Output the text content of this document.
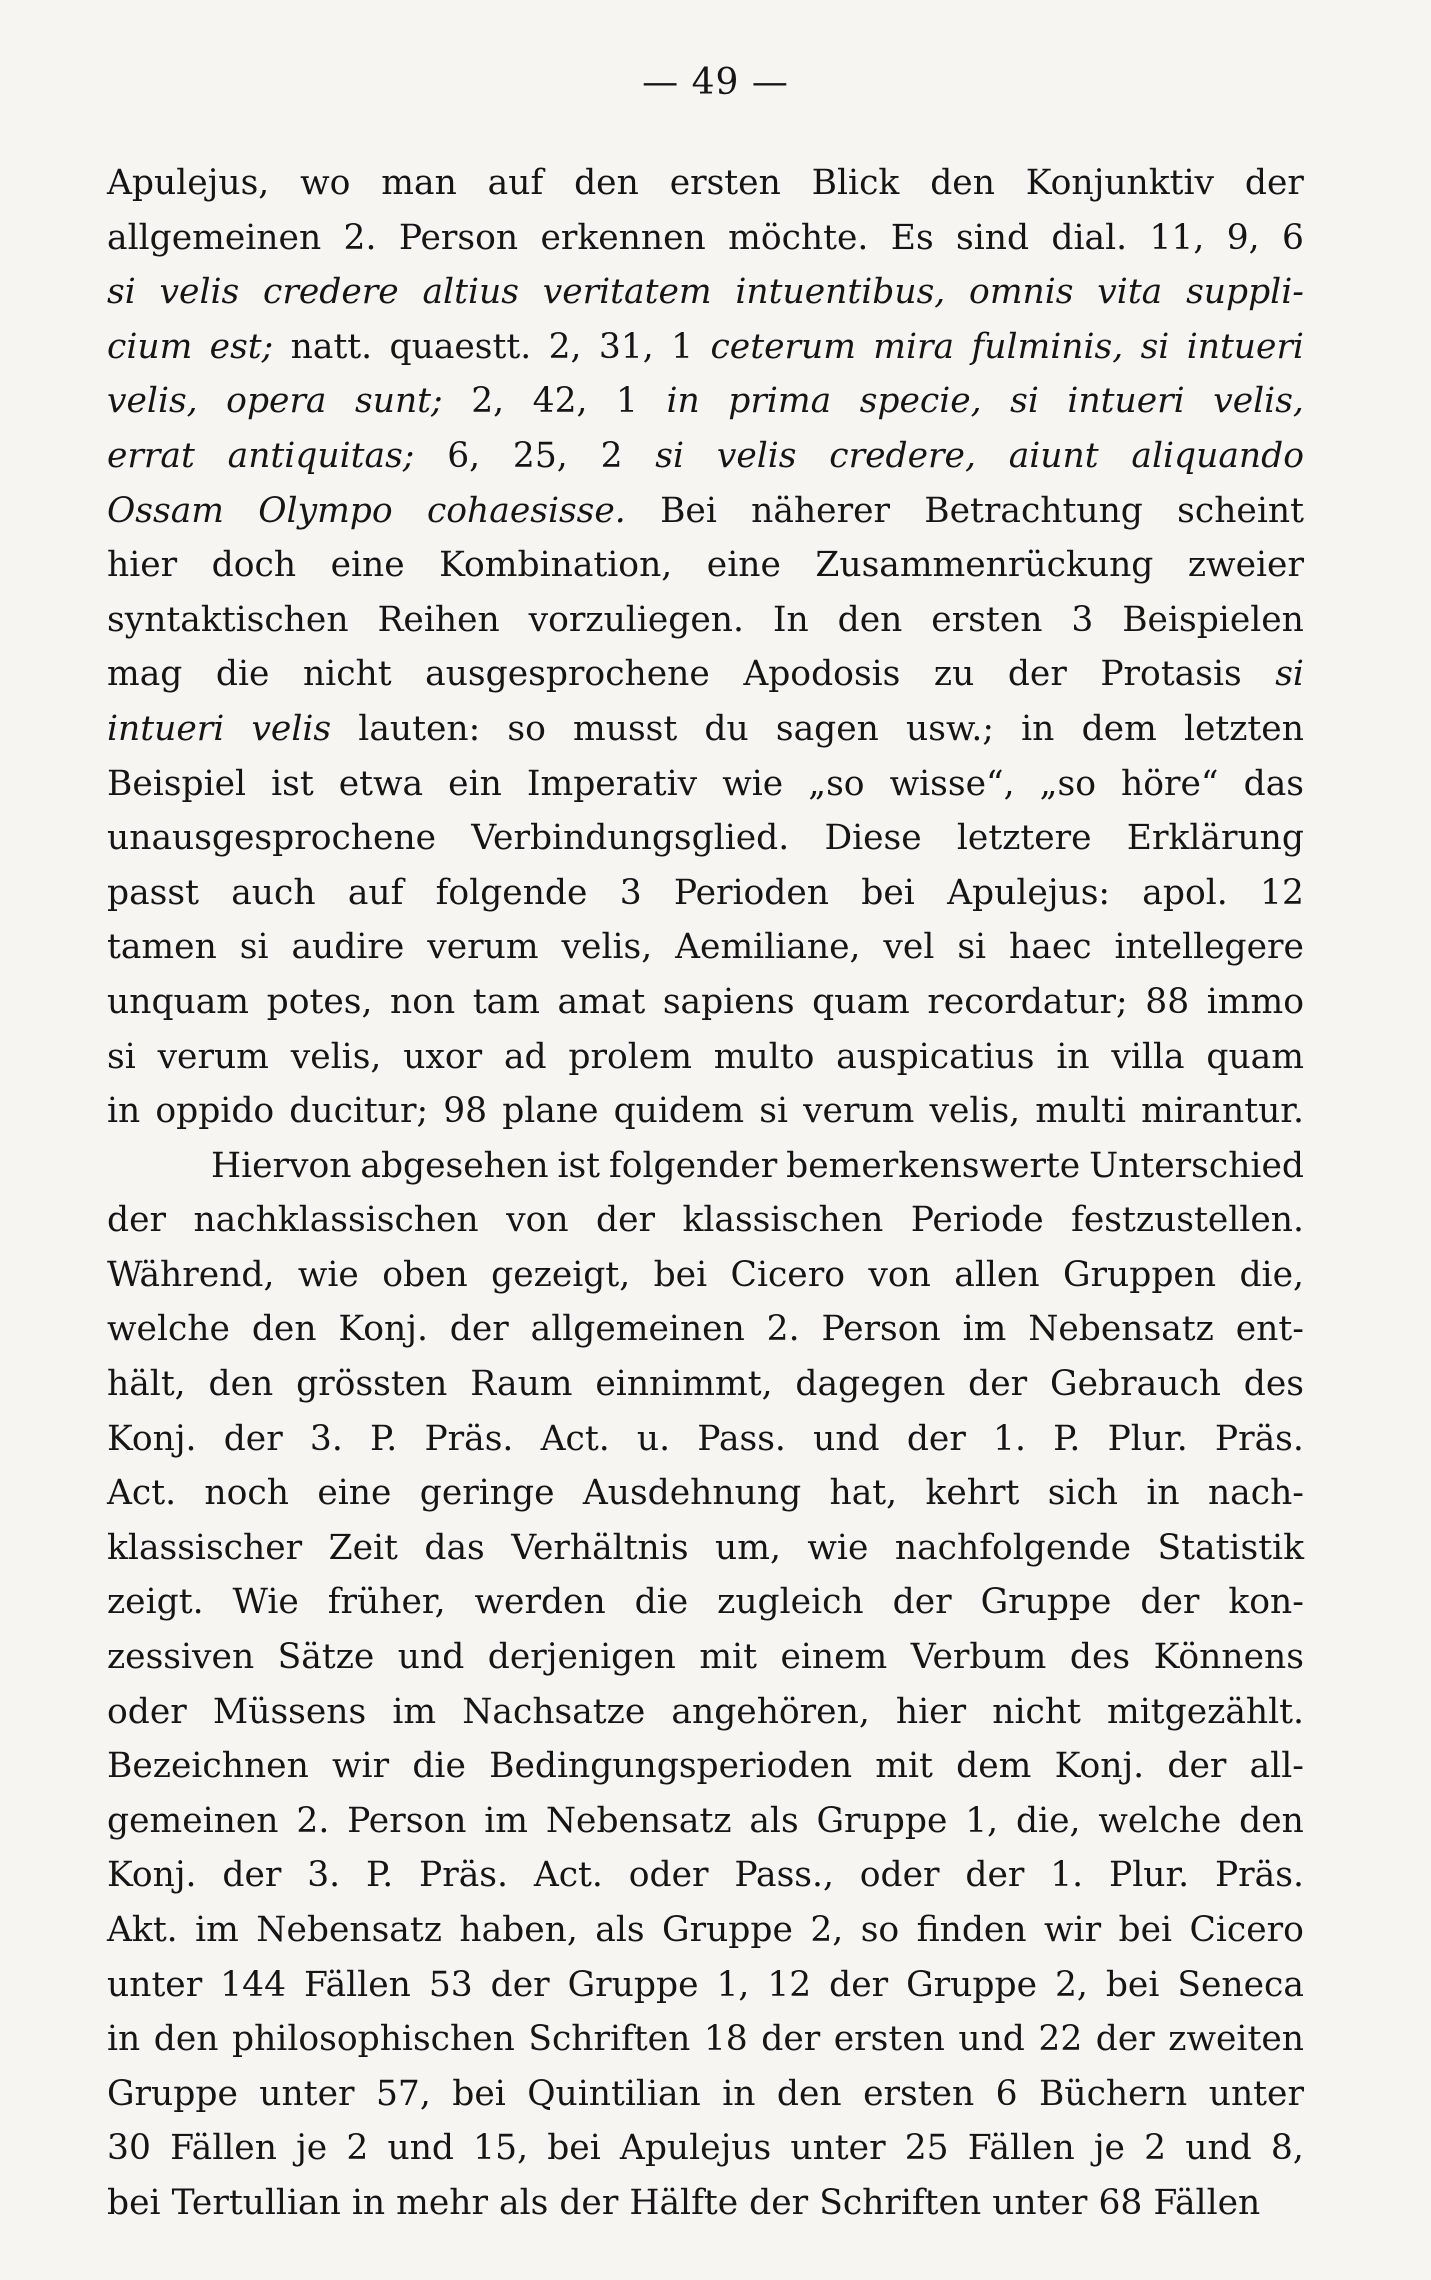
— 49 —
Apulejus, wo man auf den ersten Blick den Konjunktiv der
allgemeinen 2. Person erkennen möchte. Es sind dial. 11, 9, 6
si velis credere altius veritatem intuentibus, omnis vita suppli-
cium est; natt. quaestt. 2, 31, 1 ceterum mira fulminis, si intueri
velis, opera sunt; 2, 42, 1 in prima specie, si intueri velis,
errat antiquitas; 6, 25, 2 si velis credere, aiunt aliquando
Ossam Olympo cohaesisse. Bei näherer Betrachtung scheint
hier doch eine Kombination, eine Zusammenrückung zweier
syntaktischen Reihen vorzuliegen. In den ersten 3 Beispielen
mag die nicht ausgesprochene Apodosis zu der Protasis si
intueri velis lauten: so musst du sagen usw.; in dem letzten
Beispiel ist etwa ein Imperativ wie „so wisse“, „so höre“ das
unausgesprochene Verbindungsglied. Diese letztere Erklärung
passt auch auf folgende 3 Perioden bei Apulejus: apol. 12
tamen si audire verum velis, Aemiliane, vel si haec intellegere
unquam potes, non tam amat sapiens quam recordatur; 88 immo
si verum velis, uxor ad prolem multo auspicatius in villa quam
in oppido ducitur; 98 plane quidem si verum velis, multi mirantur.
Hiervon abgesehen ist folgender bemerkenswerte Unterschied
der nachklassischen von der klassischen Periode festzustellen.
Während, wie oben gezeigt, bei Cicero von allen Gruppen die,
welche den Konj. der allgemeinen 2. Person im Nebensatz ent-
hält, den grössten Raum einnimmt, dagegen der Gebrauch des
Konj. der 3. P. Präs. Act. u. Pass. und der 1. P. Plur. Präs.
Act. noch eine geringe Ausdehnung hat, kehrt sich in nach-
klassischer Zeit das Verhältnis um, wie nachfolgende Statistik
zeigt. Wie früher, werden die zugleich der Gruppe der kon-
zessiven Sätze und derjenigen mit einem Verbum des Könnens
oder Müssens im Nachsatze angehören, hier nicht mitgezählt.
Bezeichnen wir die Bedingungsperioden mit dem Konj. der all-
gemeinen 2. Person im Nebensatz als Gruppe 1, die, welche den
Konj. der 3. P. Präs. Act. oder Pass., oder der 1. Plur. Präs.
Akt. im Nebensatz haben, als Gruppe 2, so finden wir bei Cicero
unter 144 Fällen 53 der Gruppe 1, 12 der Gruppe 2, bei Seneca
in den philosophischen Schriften 18 der ersten und 22 der zweiten
Gruppe unter 57, bei Quintilian in den ersten 6 Büchern unter
30 Fällen je 2 und 15, bei Apulejus unter 25 Fällen je 2 und 8,
bei Tertullian in mehr als der Hälfte der Schriften unter 68 Fällen
